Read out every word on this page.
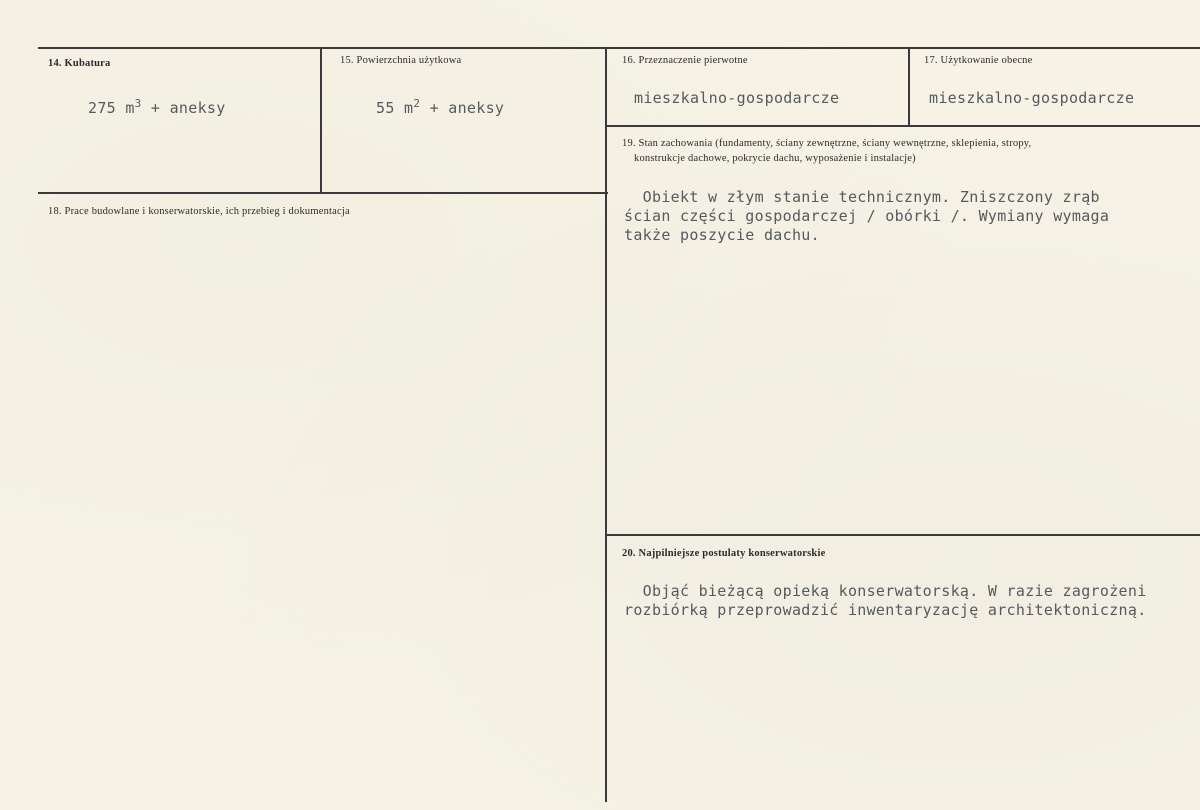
14. Kubatura
275 $m^3$ + aneksy
15. Powierzchnia użytkowa
55 $m^2$ + aneksy
16. Przeznaczenie pierwotne
mieszkalno-gospodarcze
17. Użytkowanie obecne
mieszkalno-gospodarcze
18. Prace budowlane i konserwatorskie, ich przebieg i dokumentacja
19. Stan zachowania (fundamenty, ściany zewnętrzne, ściany wewnętrzne, sklepienia, stropy,
konstrukcje dachowe, pokrycie dachu, wyposażenie i instalacje)
Obiekt w złym stanie technicznym. Zniszczony zrąb
ścian części gospodarczej / obórki /. Wymiany wymaga
także poszycie dachu.
20. Najpilniejsze postulaty konserwatorskie
Objąć bieżącą opieką konserwatorską. W razie zagrożeni
rozbiórką przeprowadzić inwentaryzację architektoniczną.
